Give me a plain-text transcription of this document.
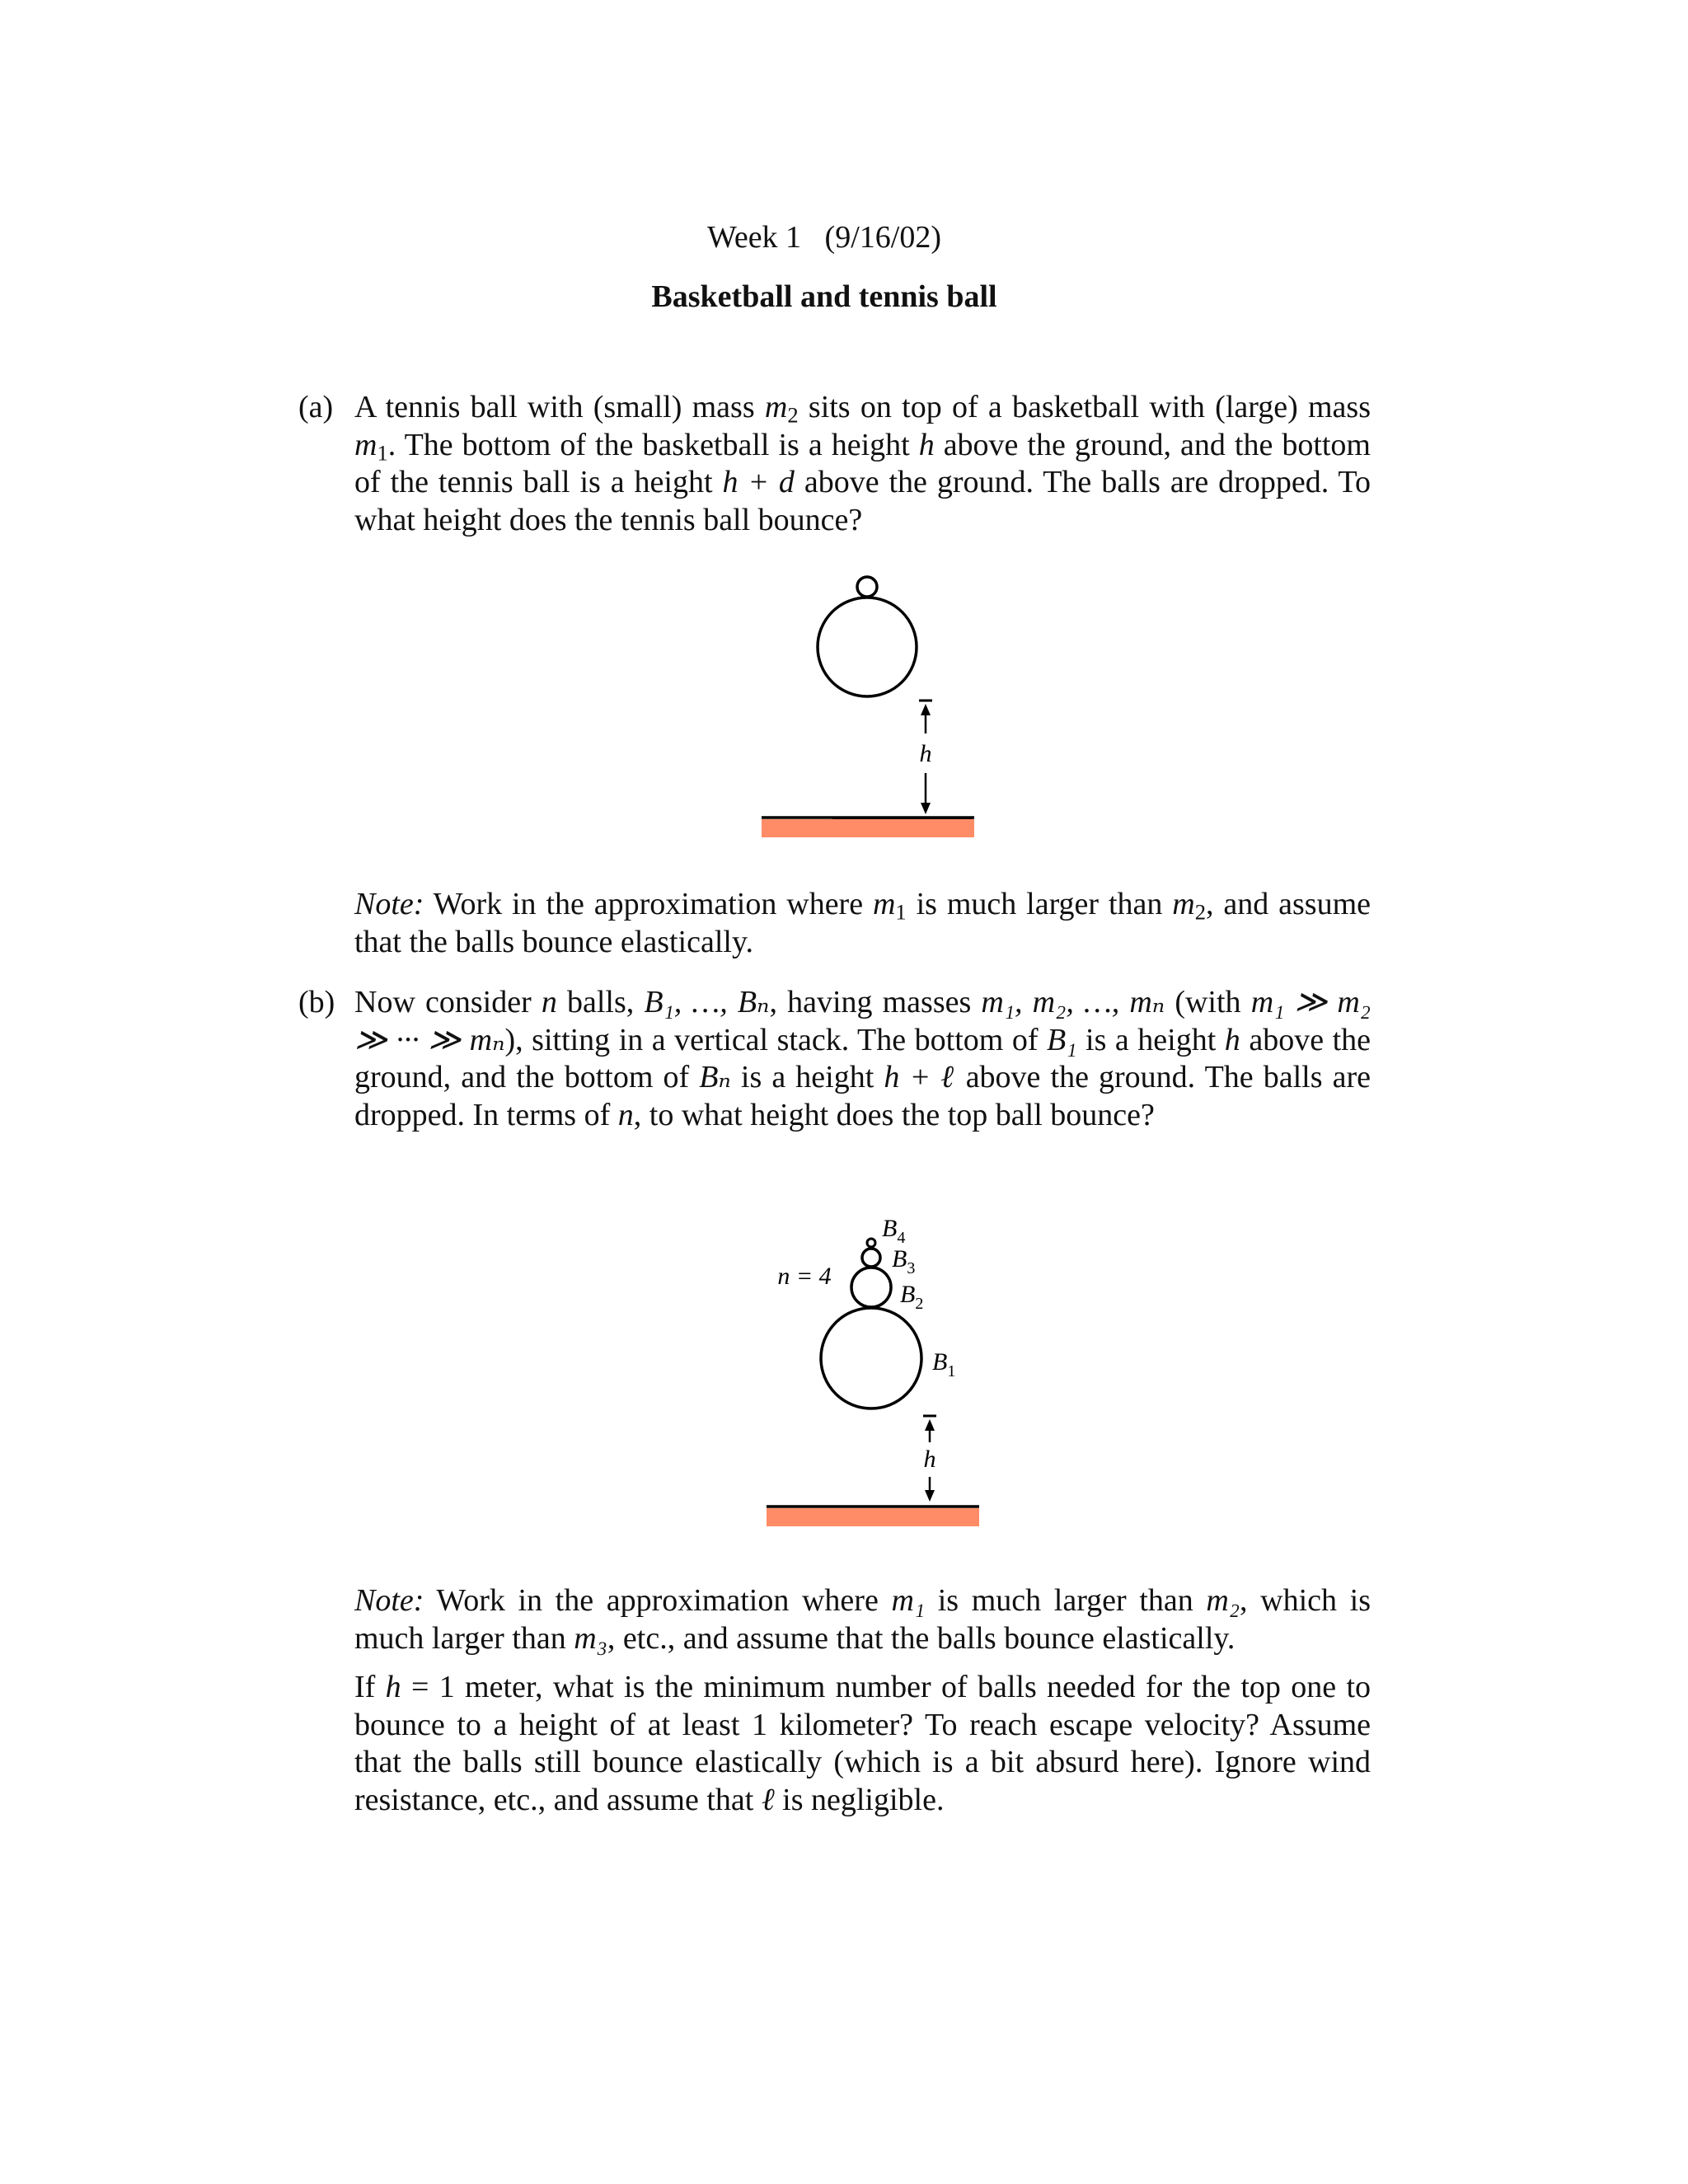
Week 1   (9/16/02)
Basketball and tennis ball
(a) A tennis ball with (small) mass $m_2$ sits on top of a basketball with (large) mass $m_1$. The bottom of the basketball is a height h above the ground, and the bottom of the tennis ball is a height h + d above the ground. The balls are dropped. To what height does the tennis ball bounce?
h
Note: Work in the approximation where $m_1$ is much larger than $m_2$, and assume that the balls bounce elastically.
(b) Now consider n balls, B₁, …, Bₙ, having masses m₁, m₂, …, mₙ (with m₁ ≫ m₂ ≫ ··· ≫ mₙ), sitting in a vertical stack. The bottom of B₁ is a height h above the ground, and the bottom of Bₙ is a height h + ℓ above the ground. The balls are dropped. In terms of n, to what height does the top ball bounce?
n = 4
$B_4$
$B_3$
$B_2$
$B_1$
h
Note: Work in the approximation where m₁ is much larger than m₂, which is much larger than m₃, etc., and assume that the balls bounce elastically.
If h = 1 meter, what is the minimum number of balls needed for the top one to bounce to a height of at least 1 kilometer? To reach escape velocity? Assume that the balls still bounce elastically (which is a bit absurd here). Ignore wind resistance, etc., and assume that ℓ is negligible.
